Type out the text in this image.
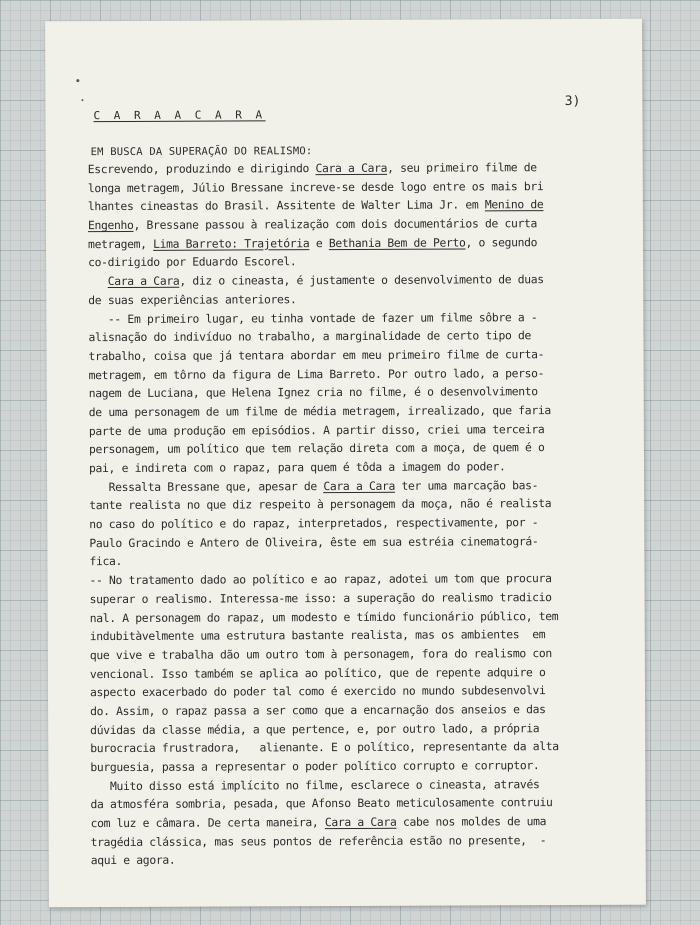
C A R A A C A R A
3)
EM BUSCA DA SUPERAÇÃO DO REALISMO:
Escrevendo, produzindo e dirigindo Cara a Cara, seu primeiro filme de
longa metragem, Júlio Bressane increve-se desde logo entre os mais bri
lhantes cineastas do Brasil. Assitente de Walter Lima Jr. em Menino de
Engenho, Bressane passou à realização com dois documentários de curta
metragem, Lima Barreto: Trajetória e Bethania Bem de Perto, o segundo
co-dirigido por Eduardo Escorel.
Cara a Cara, diz o cineasta, é justamente o desenvolvimento de duas
de suas experiências anteriores.
-- Em primeiro lugar, eu tinha vontade de fazer um filme sôbre a -
alisnação do indivíduo no trabalho, a marginalidade de certo tipo de
trabalho, coisa que já tentara abordar em meu primeiro filme de curta-
metragem, em tôrno da figura de Lima Barreto. Por outro lado, a perso-
nagem de Luciana, que Helena Ignez cria no filme, é o desenvolvimento
de uma personagem de um filme de média metragem, irrealizado, que faria
parte de uma produção em episódios. A partir disso, criei uma terceira
personagem, um político que tem relação direta com a moça, de quem é o
pai, e indireta com o rapaz, para quem é tôda a imagem do poder.
Ressalta Bressane que, apesar de Cara a Cara ter uma marcação bas-
tante realista no que diz respeito à personagem da moça, não é realista
no caso do político e do rapaz, interpretados, respectivamente, por -
Paulo Gracindo e Antero de Oliveira, êste em sua estréia cinematográ-
fica.
-- No tratamento dado ao político e ao rapaz, adotei um tom que procura
superar o realismo. Interessa-me isso: a superação do realismo tradicio
nal. A personagem do rapaz, um modesto e tímido funcionário público, tem
indubitàvelmente uma estrutura bastante realista, mas os ambientes  em
que vive e trabalha dão um outro tom à personagem, fora do realismo con
vencional. Isso também se aplica ao político, que de repente adquire o
aspecto exacerbado do poder tal como é exercido no mundo subdesenvolvi
do. Assim, o rapaz passa a ser como que a encarnação dos anseios e das
dúvidas da classe média, a que pertence, e, por outro lado, a própria
burocracia frustradora,   alienante. E o político, representante da alta
burguesia, passa a representar o poder político corrupto e corruptor.
Muito disso está implícito no filme, esclarece o cineasta, através
da atmosféra sombria, pesada, que Afonso Beato meticulosamente contruiu
com luz e câmara. De certa maneira, Cara a Cara cabe nos moldes de uma
tragédia clássica, mas seus pontos de referência estão no presente,  -
aqui e agora.
